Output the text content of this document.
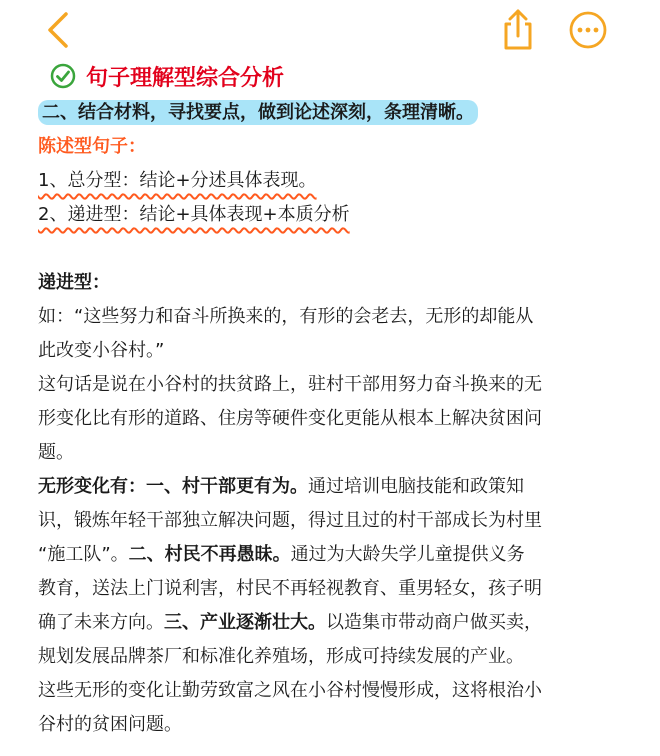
句子理解型综合分析
二、结合材料，寻找要点，做到论述深刻，条理清晰。
陈述型句子：
1、总分型：结论+分述具体表现。
2、递进型：结论+具体表现+本质分析
递进型：
如：“这些努力和奋斗所换来的，有形的会老去，无形的却能从
此改变小谷村。”
这句话是说在小谷村的扶贫路上，驻村干部用努力奋斗换来的无
形变化比有形的道路、住房等硬件变化更能从根本上解决贫困问
题。
无形变化有：一、村干部更有为。通过培训电脑技能和政策知
识，锻炼年轻干部独立解决问题，得过且过的村干部成长为村里
“施工队”。二、村民不再愚昧。通过为大龄失学儿童提供义务
教育，送法上门说利害，村民不再轻视教育、重男轻女，孩子明
确了未来方向。三、产业逐渐壮大。以造集市带动商户做买卖，
规划发展品牌茶厂和标准化养殖场，形成可持续发展的产业。
这些无形的变化让勤劳致富之风在小谷村慢慢形成，这将根治小
谷村的贫困问题。
